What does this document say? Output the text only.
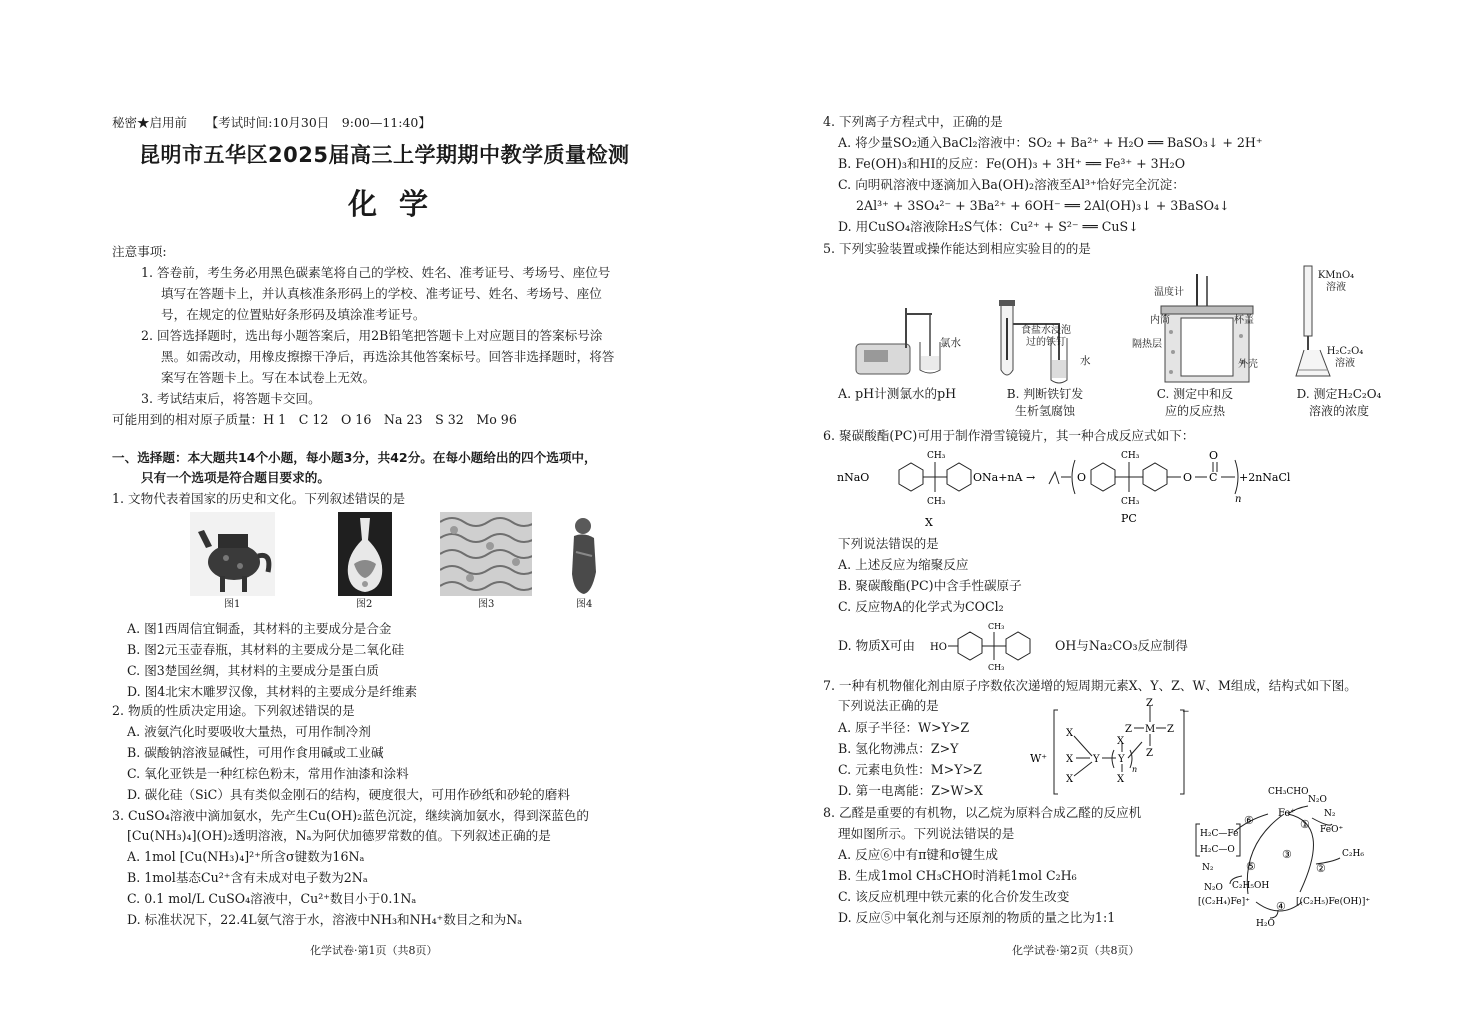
秘密★启用前　　【考试时间:10月30日　9:00—11:40】
昆明市五华区2025届高三上学期期中教学质量检测
化学
注意事项:
1. 答卷前，考生务必用黑色碳素笔将自己的学校、姓名、准考证号、考场号、座位号
填写在答题卡上，并认真核准条形码上的学校、准考证号、姓名、考场号、座位
号，在规定的位置贴好条形码及填涂准考证号。
2. 回答选择题时，选出每小题答案后，用2B铅笔把答题卡上对应题目的答案标号涂
黑。如需改动，用橡皮擦擦干净后，再选涂其他答案标号。回答非选择题时，将答
案写在答题卡上。写在本试卷上无效。
3. 考试结束后，将答题卡交回。
可能用到的相对原子质量：H 1　C 12　O 16　Na 23　S 32　Mo 96
一、选择题：本大题共14个小题，每小题3分，共42分。在每小题给出的四个选项中，
只有一个选项是符合题目要求的。
1. 文物代表着国家的历史和文化。下列叙述错误的是
图1	图2	图3	图4
A. 图1西周信宜铜盉，其材料的主要成分是合金
B. 图2元玉壶春瓶，其材料的主要成分是二氧化硅
C. 图3楚国丝绸，其材料的主要成分是蛋白质
D. 图4北宋木雕罗汉像，其材料的主要成分是纤维素
2. 物质的性质决定用途。下列叙述错误的是
A. 液氨汽化时要吸收大量热，可用作制冷剂
B. 碳酸钠溶液显碱性，可用作食用碱或工业碱
C. 氧化亚铁是一种红棕色粉末，常用作油漆和涂料
D. 碳化硅（SiC）具有类似金刚石的结构，硬度很大，可用作砂纸和砂轮的磨料
3. CuSO₄溶液中滴加氨水，先产生Cu(OH)₂蓝色沉淀，继续滴加氨水，得到深蓝色的
[Cu(NH₃)₄](OH)₂透明溶液，Nₐ为阿伏加德罗常数的值。下列叙述正确的是
A. 1mol [Cu(NH₃)₄]²⁺所含σ键数为16Nₐ
B. 1mol基态Cu²⁺含有未成对电子数为2Nₐ
C. 0.1 mol/L CuSO₄溶液中，Cu²⁺数目小于0.1Nₐ
D. 标准状况下，22.4L氨气溶于水，溶液中NH₃和NH₄⁺数目之和为Nₐ
化学试卷·第1页（共8页）
4. 下列离子方程式中，正确的是
A. 将少量SO₂通入BaCl₂溶液中：SO₂ + Ba²⁺ + H₂O ══ BaSO₃↓ + 2H⁺
B. Fe(OH)₃和HI的反应：Fe(OH)₃ + 3H⁺ ══ Fe³⁺ + 3H₂O
C. 向明矾溶液中逐滴加入Ba(OH)₂溶液至Al³⁺恰好完全沉淀：
2Al³⁺ + 3SO₄²⁻ + 3Ba²⁺ + 6OH⁻ ══ 2Al(OH)₃↓ + 3BaSO₄↓
D. 用CuSO₄溶液除H₂S气体：Cu²⁺ + S²⁻ ══ CuS↓
5. 下列实验装置或操作能达到相应实验目的的是
氯水
食盐水浸泡
过的铁钉
水
温度计
内筒	杯盖
隔热层
外壳
KMnO₄
溶液
H₂C₂O₄
溶液
A. pH计测氯水的pH	B. 判断铁钉发
生析氢腐蚀
C. 测定中和反
应的反应热
D. 测定H₂C₂O₄
溶液的浓度
6. 聚碳酸酯(PC)可用于制作滑雪镜镜片，其一种合成反应式如下：
nNaO	ONa+nA →
CH₃
CH₃
O
CH₃
CH₃
O C
O
+2nNaCl
n
X	PC
下列说法错误的是
A. 上述反应为缩聚反应
B. 聚碳酸酯(PC)中含手性碳原子
C. 反应物A的化学式为COCl₂
D. 物质X可由 HO
CH₃
CH₃
OH与Na₂CO₃反应制得
7. 一种有机物催化剂由原子序数依次递增的短周期元素X、Y、Z、W、M组成，结构式如下图。
下列说法正确的是
A. 原子半径：W>Y>Z
B. 氢化物沸点：Z>Y
C. 元素电负性：M>Y>Z
D. 第一电离能：Z>W>X
W⁺
X
X
X
Y
X
Y
X
n
Z
Z M Z
Z
−
8. 乙醛是重要的有机物，以乙烷为原料合成乙醛的反应机
理如图所示。下列说法错误的是
A. 反应⑥中有π键和σ键生成
B. 生成1mol CH₃CHO时消耗1mol C₂H₆
C. 该反应机理中铁元素的化合价发生改变
D. 反应⑤中氧化剂与还原剂的物质的量之比为1:1
CH₃CHO
Fe⁺
N₂O
N₂
FeO⁺
C₂H₆
[(C₂H₅)Fe(OH)]⁺
H₂O
[(C₂H₄)Fe]⁺
C₂H₅OH
N₂O
N₂
H₂C—Fe
H₂C—O
①
②
③
④
⑤
⑥
化学试卷·第2页（共8页）
